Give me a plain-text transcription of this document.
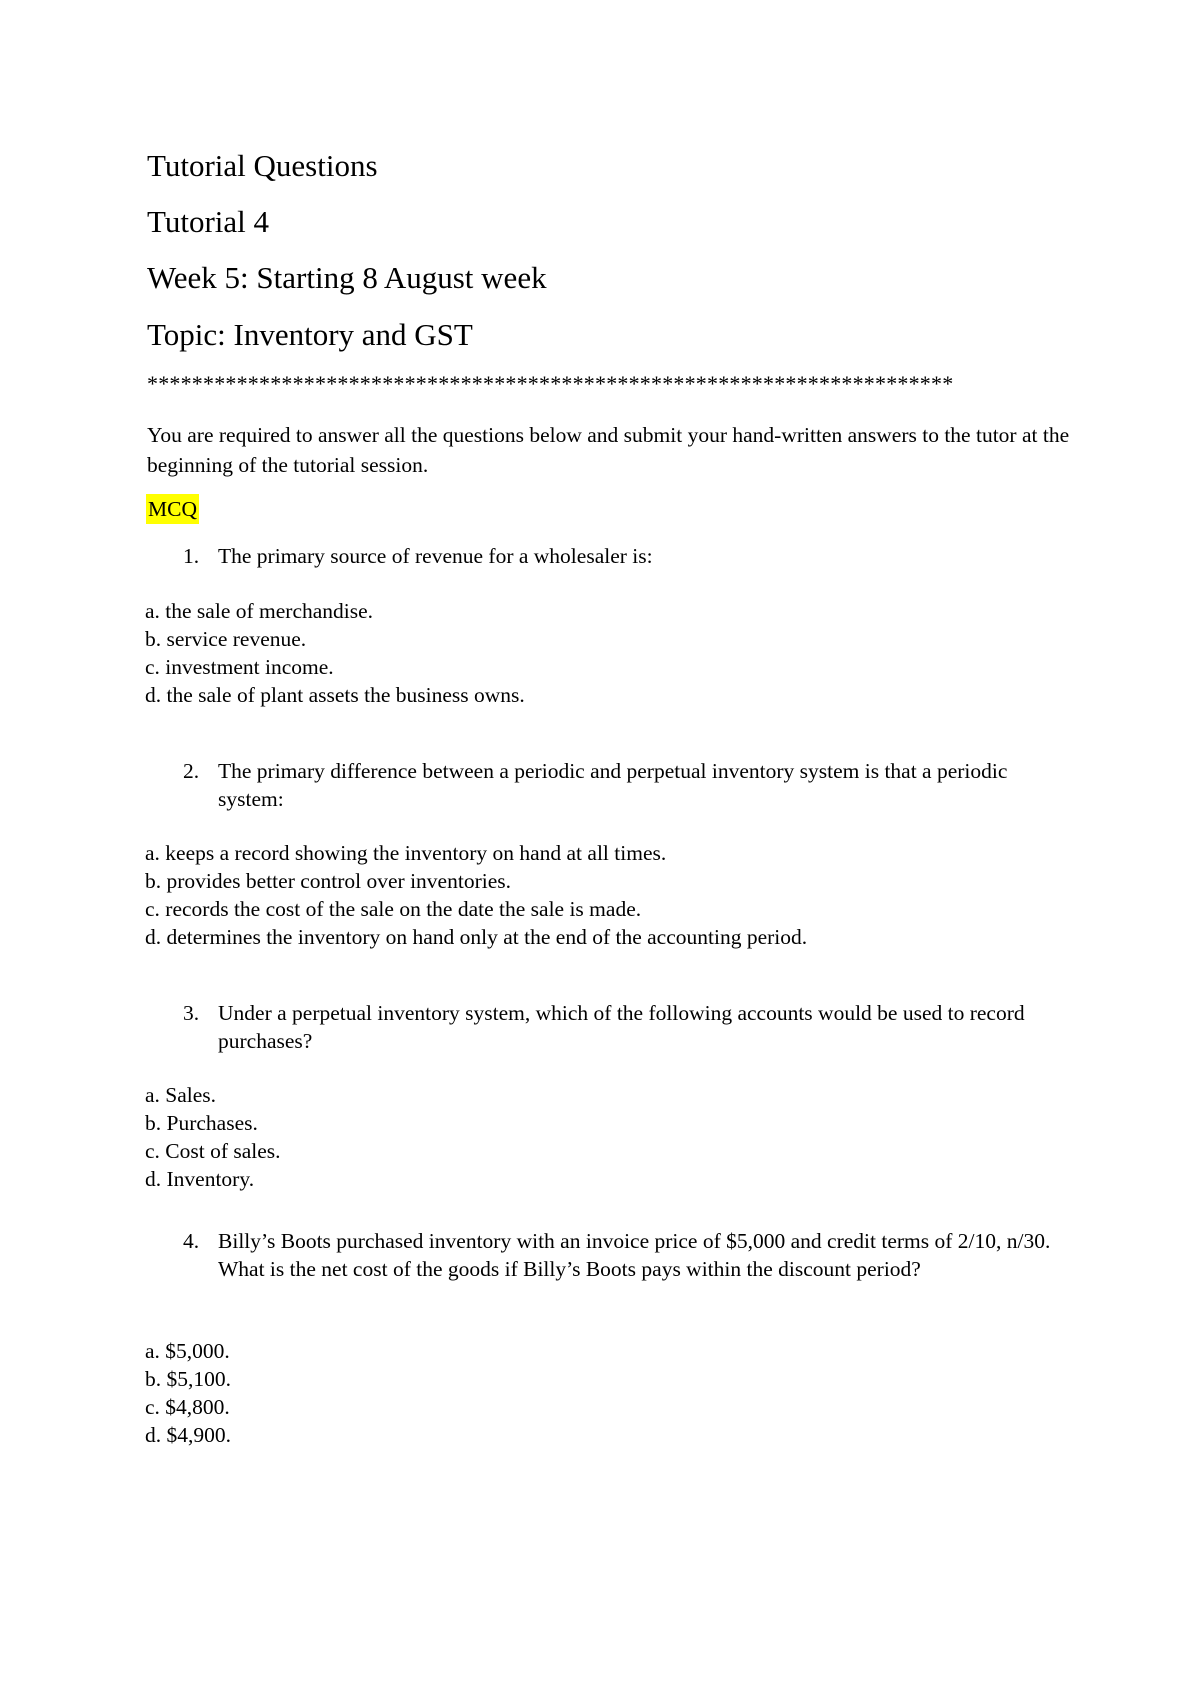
Tutorial Questions
Tutorial 4
Week 5: Starting 8 August week
Topic: Inventory and GST
************************************************************************
You are required to answer all the questions below and submit your hand-written answers to the tutor at the beginning of the tutorial session.
MCQ
1. The primary source of revenue for a wholesaler is:
a. the sale of merchandise.
b. service revenue.
c. investment income.
d. the sale of plant assets the business owns.
2. The primary difference between a periodic and perpetual inventory system is that a periodic system:
a. keeps a record showing the inventory on hand at all times.
b. provides better control over inventories.
c. records the cost of the sale on the date the sale is made.
d. determines the inventory on hand only at the end of the accounting period.
3. Under a perpetual inventory system, which of the following accounts would be used to record purchases?
a. Sales.
b. Purchases.
c. Cost of sales.
d. Inventory.
4. Billy’s Boots purchased inventory with an invoice price of $5,000 and credit terms of 2/10, n/30. What is the net cost of the goods if Billy’s Boots pays within the discount period?
a. $5,000.
b. $5,100.
c. $4,800.
d. $4,900.
